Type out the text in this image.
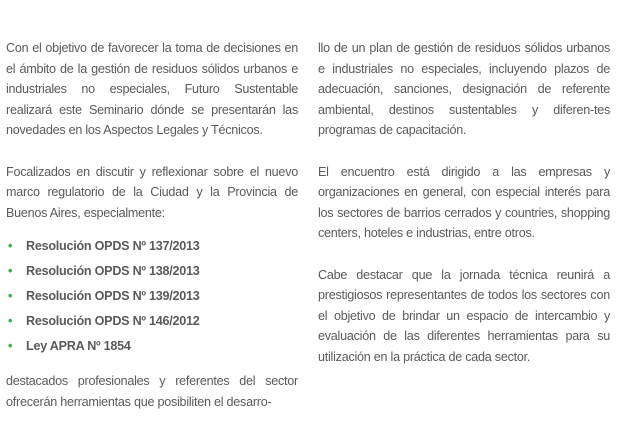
Con el objetivo de favorecer la toma de decisiones en el ámbito de la gestión de residuos sólidos urbanos e industriales no especiales, Futuro Sustentable realizará este Seminario dónde se presentarán las novedades en los Aspectos Legales y Técnicos.

Focalizados en discutir y reflexionar sobre el nuevo marco regulatorio de la Ciudad y la Provincia de Buenos Aires, especialmente:

•
Resolución OPDS Nº 137/2013
•
Resolución OPDS Nº 138/2013
•
Resolución OPDS Nº 139/2013
•
Resolución OPDS Nº 146/2012
•
Ley APRA Nº 1854

destacados profesionales y referentes del sector ofrecerán herramientas que posibiliten el desarro-

llo de un plan de gestión de residuos sólidos urbanos e industriales no especiales, incluyendo plazos de adecuación, sanciones, designación de referente ambiental, destinos sustentables y diferen-tes programas de capacitación.

El encuentro está dirigido a las empresas y organizaciones en general, con especial interés para los sectores de barrios cerrados y countries, shopping centers, hoteles e industrias, entre otros.

Cabe destacar que la jornada técnica reunirá a prestigiosos representantes de todos los sectores con el objetivo de brindar un espacio de intercambio y evaluación de las diferentes herramientas para su utilización en la práctica de cada sector.
